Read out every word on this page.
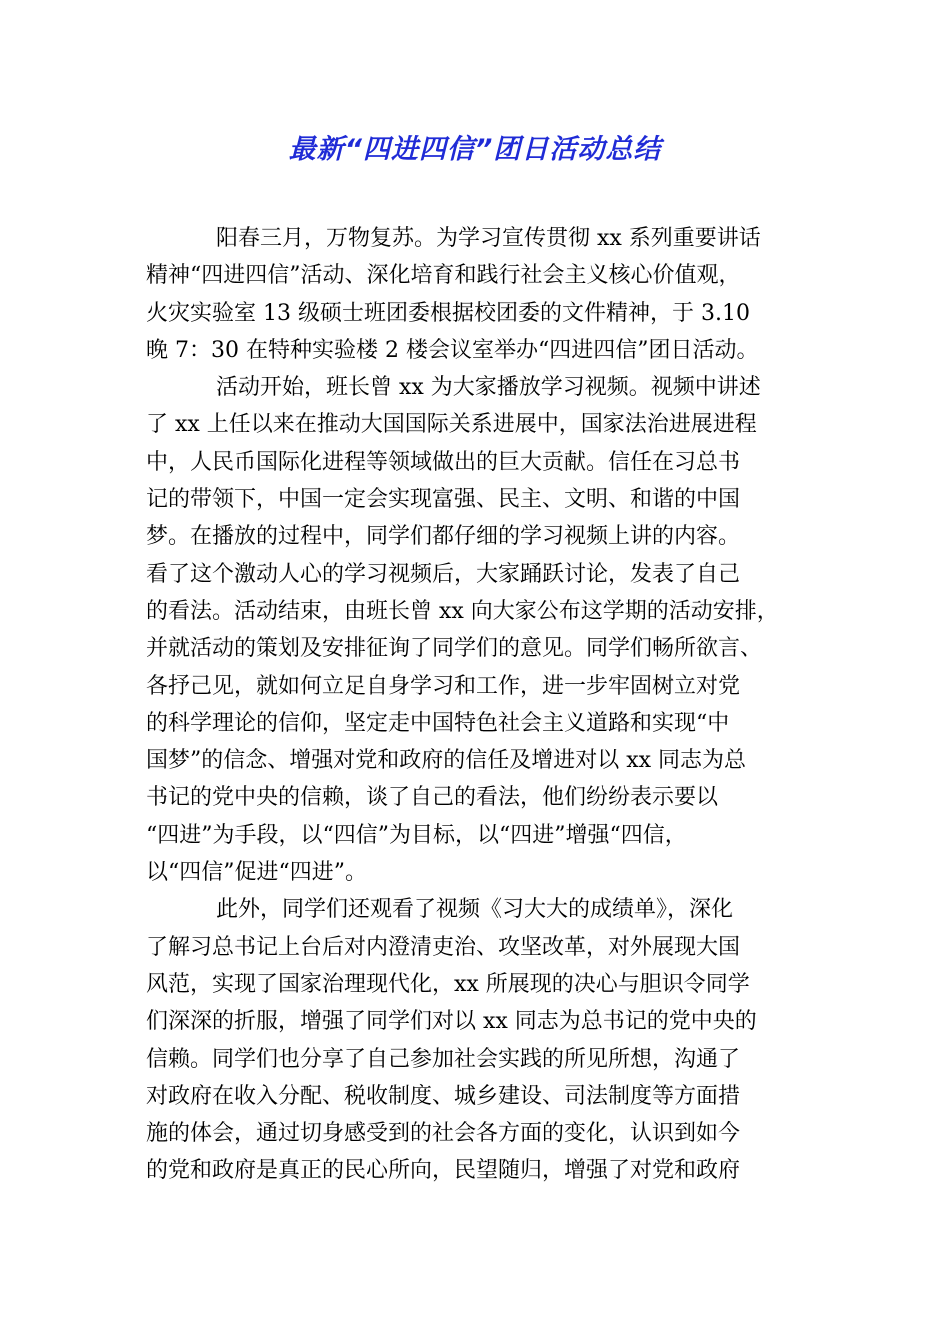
最新“四进四信”团日活动总结
阳春三月，万物复苏。为学习宣传贯彻 xx 系列重要讲话
精神“四进四信”活动、深化培育和践行社会主义核心价值观，
火灾实验室 13 级硕士班团委根据校团委的文件精神，于 3.10
晚 7：30 在特种实验楼 2 楼会议室举办“四进四信”团日活动。
活动开始，班长曾 xx 为大家播放学习视频。视频中讲述
了 xx 上任以来在推动大国国际关系进展中，国家法治进展进程
中，人民币国际化进程等领域做出的巨大贡献。信任在习总书
记的带领下，中国一定会实现富强、民主、文明、和谐的中国
梦。在播放的过程中，同学们都仔细的学习视频上讲的内容。
看了这个激动人心的学习视频后，大家踊跃讨论，发表了自己
的看法。活动结束，由班长曾 xx 向大家公布这学期的活动安排，
并就活动的策划及安排征询了同学们的意见。同学们畅所欲言、
各抒己见，就如何立足自身学习和工作，进一步牢固树立对党
的科学理论的信仰，坚定走中国特色社会主义道路和实现“中
国梦”的信念、增强对党和政府的信任及增进对以 xx 同志为总
书记的党中央的信赖，谈了自己的看法，他们纷纷表示要以
“四进”为手段，以“四信”为目标，以“四进”增强“四信，
以“四信”促进“四进”。
此外，同学们还观看了视频《习大大的成绩单》，深化
了解习总书记上台后对内澄清吏治、攻坚改革，对外展现大国
风范，实现了国家治理现代化，xx 所展现的决心与胆识令同学
们深深的折服，增强了同学们对以 xx 同志为总书记的党中央的
信赖。同学们也分享了自己参加社会实践的所见所想，沟通了
对政府在收入分配、税收制度、城乡建设、司法制度等方面措
施的体会，通过切身感受到的社会各方面的变化，认识到如今
的党和政府是真正的民心所向，民望随归，增强了对党和政府
